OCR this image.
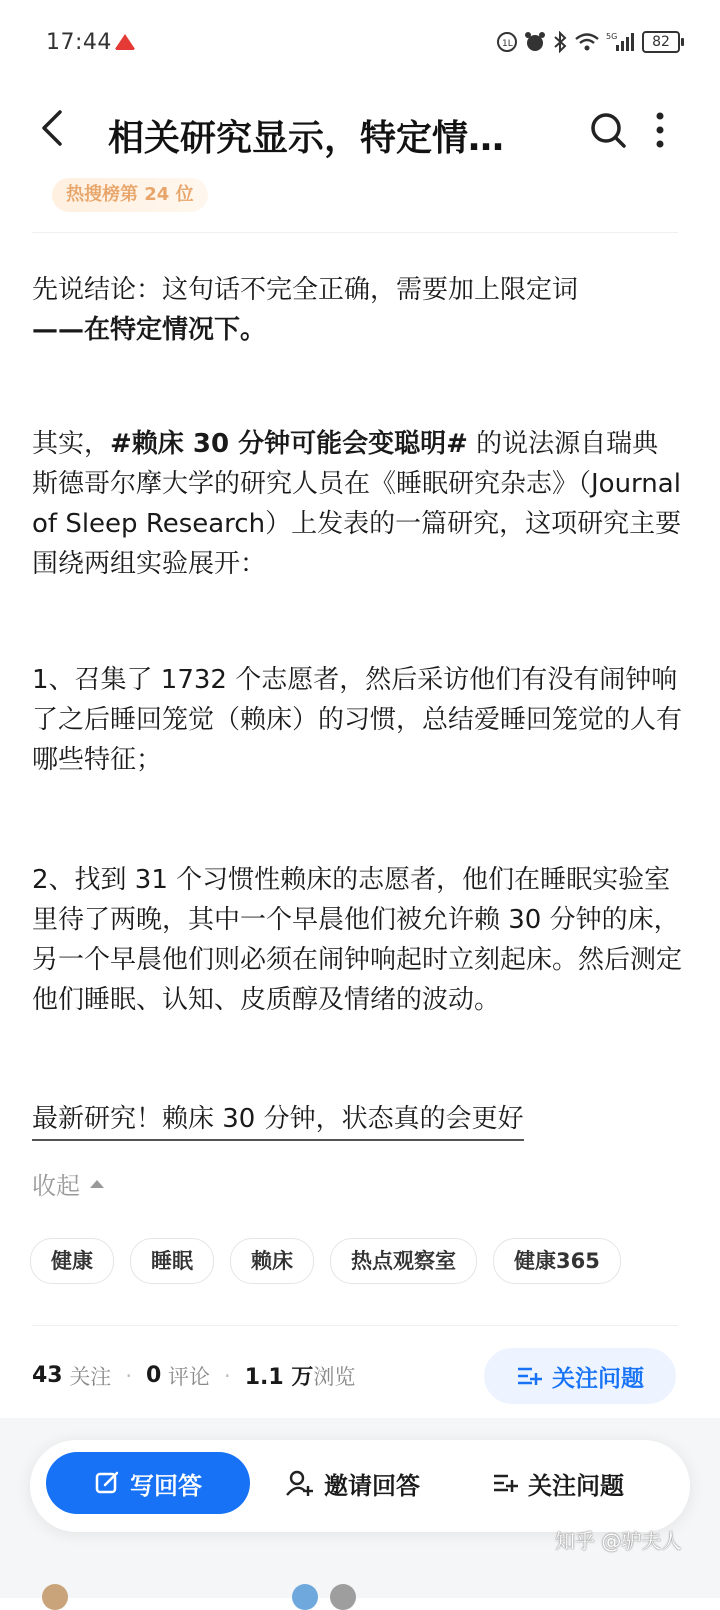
17:44	1L
5G	82
相关研究显示，特定情…
热搜榜第 24 位
先说结论：这句话不完全正确，需要加上限定词
——在特定情况下。
其实，#赖床 30 分钟可能会变聪明# 的说法源自瑞典斯德哥尔摩大学的研究人员在《睡眠研究杂志》（Journal of Sleep Research）上发表的一篇研究，这项研究主要围绕两组实验展开：
1、召集了 1732 个志愿者，然后采访他们有没有闹钟响了之后睡回笼觉（赖床）的习惯，总结爱睡回笼觉的人有哪些特征；
2、找到 31 个习惯性赖床的志愿者，他们在睡眠实验室里待了两晚，其中一个早晨他们被允许赖 30 分钟的床，另一个早晨他们则必须在闹钟响起时立刻起床。然后测定他们睡眠、认知、皮质醇及情绪的波动。
最新研究！赖床 30 分钟，状态真的会更好
收起
健康	睡眠	赖床	热点观察室	健康365
43
关注 · 0
评论 · 1.1 万 浏览	关注问题
写回答	邀请回答	关注问题
知乎 @驴夫人
